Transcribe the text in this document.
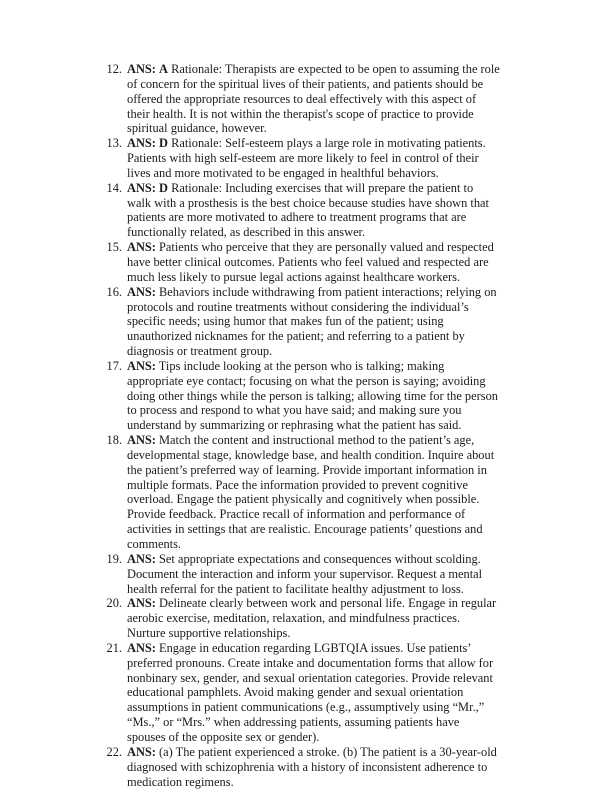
12. ANS: A Rationale: Therapists are expected to be open to assuming the role of concern for the spiritual lives of their patients, and patients should be offered the appropriate resources to deal effectively with this aspect of their health. It is not within the therapist's scope of practice to provide spiritual guidance, however.
13. ANS: D Rationale: Self-esteem plays a large role in motivating patients. Patients with high self-esteem are more likely to feel in control of their lives and more motivated to be engaged in healthful behaviors.
14. ANS: D Rationale: Including exercises that will prepare the patient to walk with a prosthesis is the best choice because studies have shown that patients are more motivated to adhere to treatment programs that are functionally related, as described in this answer.
15. ANS: Patients who perceive that they are personally valued and respected have better clinical outcomes. Patients who feel valued and respected are much less likely to pursue legal actions against healthcare workers.
16. ANS: Behaviors include withdrawing from patient interactions; relying on protocols and routine treatments without considering the individual’s specific needs; using humor that makes fun of the patient; using unauthorized nicknames for the patient; and referring to a patient by diagnosis or treatment group.
17. ANS: Tips include looking at the person who is talking; making appropriate eye contact; focusing on what the person is saying; avoiding doing other things while the person is talking; allowing time for the person to process and respond to what you have said; and making sure you understand by summarizing or rephrasing what the patient has said.
18. ANS: Match the content and instructional method to the patient’s age, developmental stage, knowledge base, and health condition. Inquire about the patient’s preferred way of learning. Provide important information in multiple formats. Pace the information provided to prevent cognitive overload. Engage the patient physically and cognitively when possible. Provide feedback. Practice recall of information and performance of activities in settings that are realistic. Encourage patients’ questions and comments.
19. ANS: Set appropriate expectations and consequences without scolding. Document the interaction and inform your supervisor. Request a mental health referral for the patient to facilitate healthy adjustment to loss.
20. ANS: Delineate clearly between work and personal life. Engage in regular aerobic exercise, meditation, relaxation, and mindfulness practices. Nurture supportive relationships.
21. ANS: Engage in education regarding LGBTQIA issues. Use patients’ preferred pronouns. Create intake and documentation forms that allow for nonbinary sex, gender, and sexual orientation categories. Provide relevant educational pamphlets. Avoid making gender and sexual orientation assumptions in patient communications (e.g., assumptively using “Mr.,” “Ms.,” or “Mrs.” when addressing patients, assuming patients have spouses of the opposite sex or gender).
22. ANS: (a) The patient experienced a stroke. (b) The patient is a 30-year-old diagnosed with schizophrenia with a history of inconsistent adherence to medication regimens.
